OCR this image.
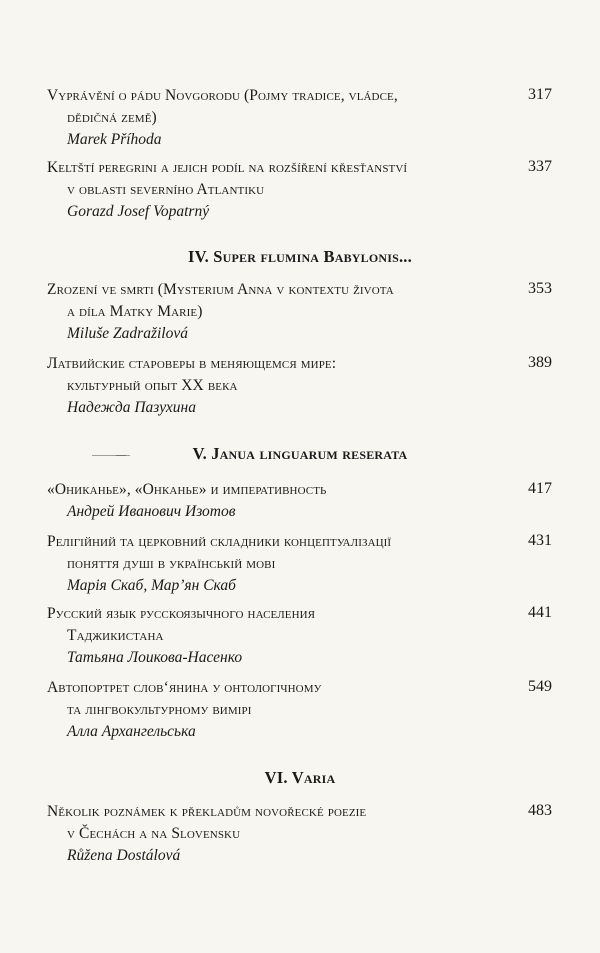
Vyprávění o pádu Novgorodu (Pojmy tradice, vládce,
dědičná země)
Marek Příhoda
317
Keltští peregrini a jejich podíl na rozšíření křesťanství
v oblasti severního Atlantiku
Gorazd Josef Vopatrný
337
IV. Super flumina Babylonis...
Zrození ve smrti (Mysterium Anna v kontextu života
a díla Matky Marie)
Miluše Zadražilová
353
Латвийские староверы в меняющемся мире:
культурный опыт XX века
Надежда Пазухина
389
V. Janua linguarum reserata
«Ониканье», «Онканье» и императивность
Андрей Иванович Изотов
417
Релігійний та церковний складники концептуалізації
поняття душі в українській мові
Марія Скаб, Мар’ян Скаб
431
Русский язык русскоязычного населения
Таджикистана
Татьяна Лоикова-Насенко
441
Автопортрет слов‘янина у онтологічному
та лінгвокультурному вимірі
Алла Архангельська
549
VI. Varia
Několik poznámek k překladům novořecké poezie
v Čechách a na Slovensku
Růžena Dostálová
483
